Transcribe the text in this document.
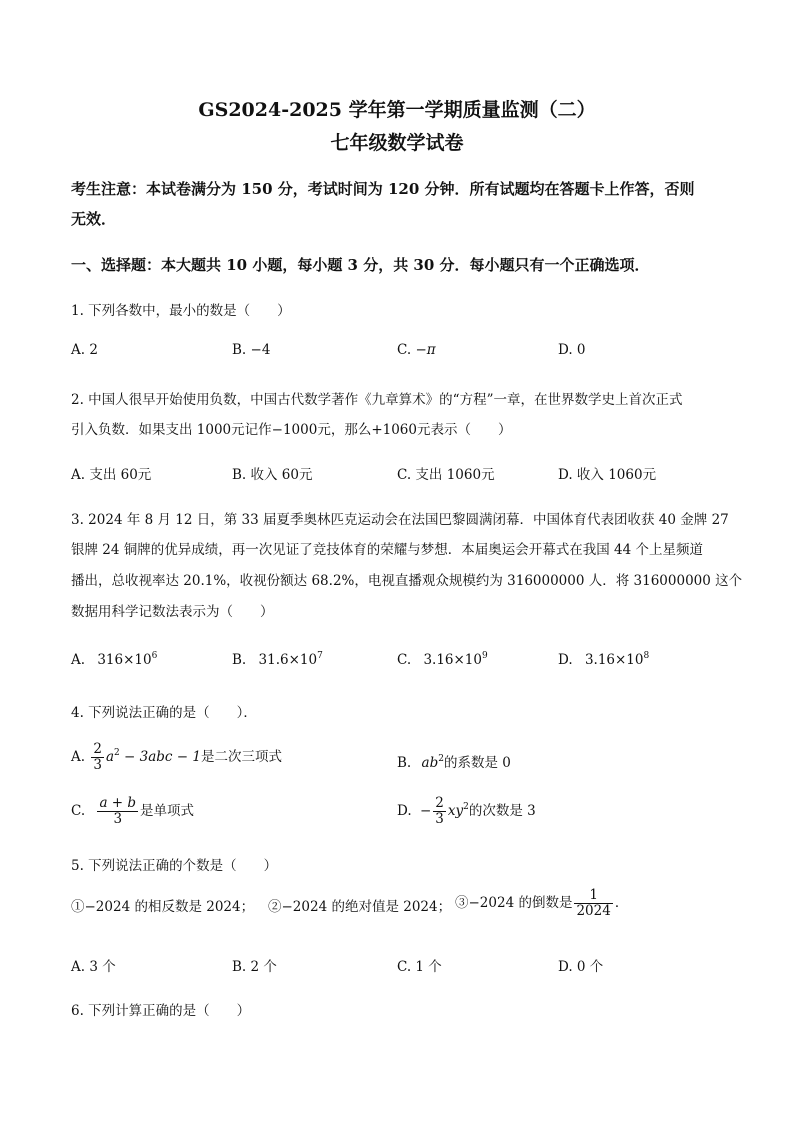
GS2024-2025 学年第一学期质量监测（二）
七年级数学试卷
考生注意：本试卷满分为 150 分，考试时间为 120 分钟．所有试题均在答题卡上作答，否则
无效．
一、选择题：本大题共 10 小题，每小题 3 分，共 30 分．每小题只有一个正确选项．
1. 下列各数中，最小的数是（　　）
A. 2	B. −4	C. −π	D. 0
2. 中国人很早开始使用负数，中国古代数学著作《九章算术》的“方程”一章，在世界数学史上首次正式
引入负数．如果支出 1000元记作−1000元，那么+1060元表示（　　）
A. 支出 60元	B. 收入 60元	C. 支出 1060元	D. 收入 1060元
3. 2024 年 8 月 12 日，第 33 届夏季奥林匹克运动会在法国巴黎圆满闭幕．中国体育代表团收获 40 金牌 27
银牌 24 铜牌的优异成绩，再一次见证了竞技体育的荣耀与梦想．本届奥运会开幕式在我国 44 个上星频道
播出，总收视率达 20.1%，收视份额达 68.2%，电视直播观众规模约为 316000000 人．将 316000000 这个
数据用科学记数法表示为（　　）
A. $316\times 10^6$	B. $31.6\times 10^7$	C. $3.16\times 10^9$	D. $3.16\times 10^8$
4. 下列说法正确的是（　　）．
A. $\frac{2}{3} a^2 - 3abc - 1$是二次三项式	B. $ab^2$的系数是 0
C. $\frac{a + b}{3}$ 是单项式	D. − $\frac{2}{3} xy^2$的次数是 3
5. 下列说法正确的个数是（　　）
①−2024 的相反数是 2024； ②−2024 的绝对值是 2024； ③−2024 的倒数是 $\frac{1}{2024}$ ．
A. 3 个	B. 2 个	C. 1 个	D. 0 个
6. 下列计算正确的是（　　）
